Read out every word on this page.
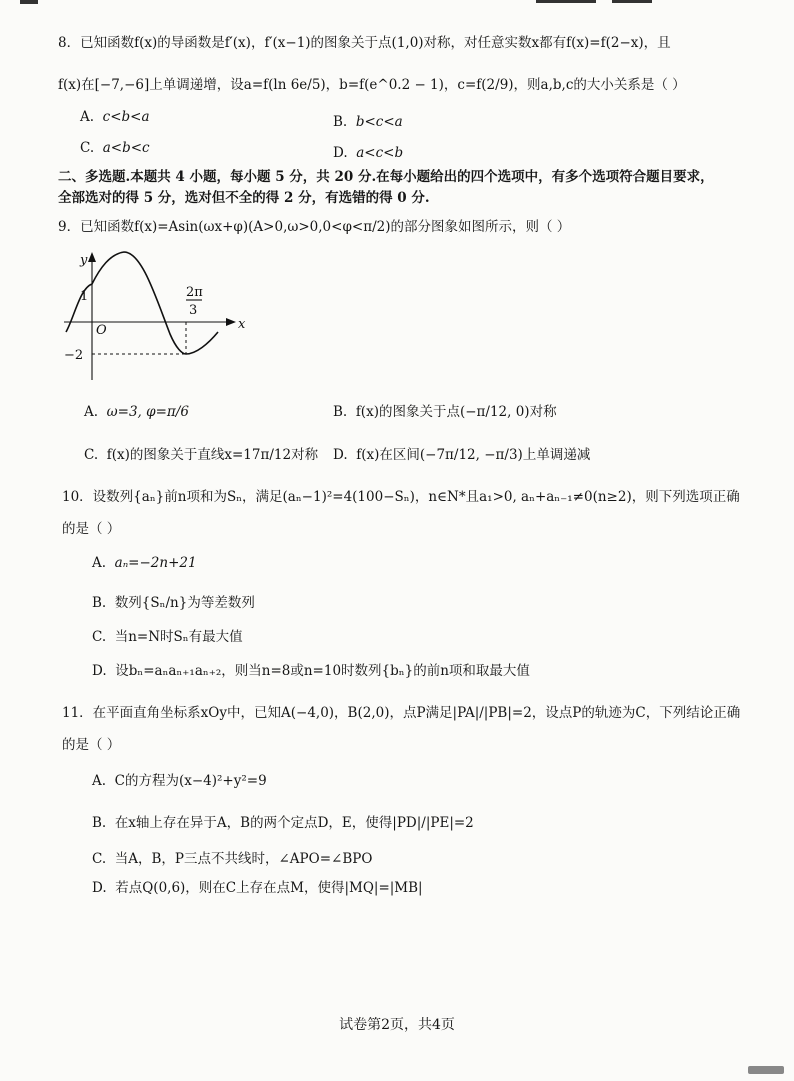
8．已知函数f(x)的导函数是f′(x)，f′(x−1)的图象关于点(1,0)对称，对任意实数x都有f(x)=f(2−x)，且
f(x)在[−7,−6]上单调递增，设a=f(ln 6e/5)，b=f(e^0.2 − 1)，c=f(2/9)，则a,b,c的大小关系是（ ）
A. c<b<a	B. b<c<a
C. a<b<c	D. a<c<b
二、多选题.本题共 4 小题，每小题 5 分，共 20 分.在每小题给出的四个选项中，有多个选项符合题目要求，
全部选对的得 5 分，选对但不全的得 2 分，有选错的得 0 分.
9．已知函数f(x)=Asin(ωx+φ)(A>0,ω>0,0<φ<π/2)的部分图象如图所示，则（ ）
y
x
O
1
−2
2π
3
A. ω=3, φ=π/6	B. f(x)的图象关于点(−π/12, 0)对称
C. f(x)的图象关于直线x=17π/12对称 D. f(x)在区间(−7π/12, −π/3)上单调递减
10．设数列{aₙ}前n项和为Sₙ，满足(aₙ−1)²=4(100−Sₙ)，n∈N*且a₁>0, aₙ+aₙ₋₁≠0(n≥2)，则下列选项正确
的是（ ）
A. aₙ=−2n+21
B. 数列{Sₙ/n}为等差数列
C. 当n=N时Sₙ有最大值
D. 设bₙ=aₙaₙ₊₁aₙ₊₂，则当n=8或n=10时数列{bₙ}的前n项和取最大值
11．在平面直角坐标系xOy中，已知A(−4,0)，B(2,0)，点P满足|PA|/|PB|=2，设点P的轨迹为C，下列结论正确
的是（ ）
A. C的方程为(x−4)²+y²=9
B. 在x轴上存在异于A，B的两个定点D，E，使得|PD|/|PE|=2
C. 当A，B，P三点不共线时，∠APO=∠BPO
D. 若点Q(0,6)，则在C上存在点M，使得|MQ|=|MB|
试卷第2页，共4页
